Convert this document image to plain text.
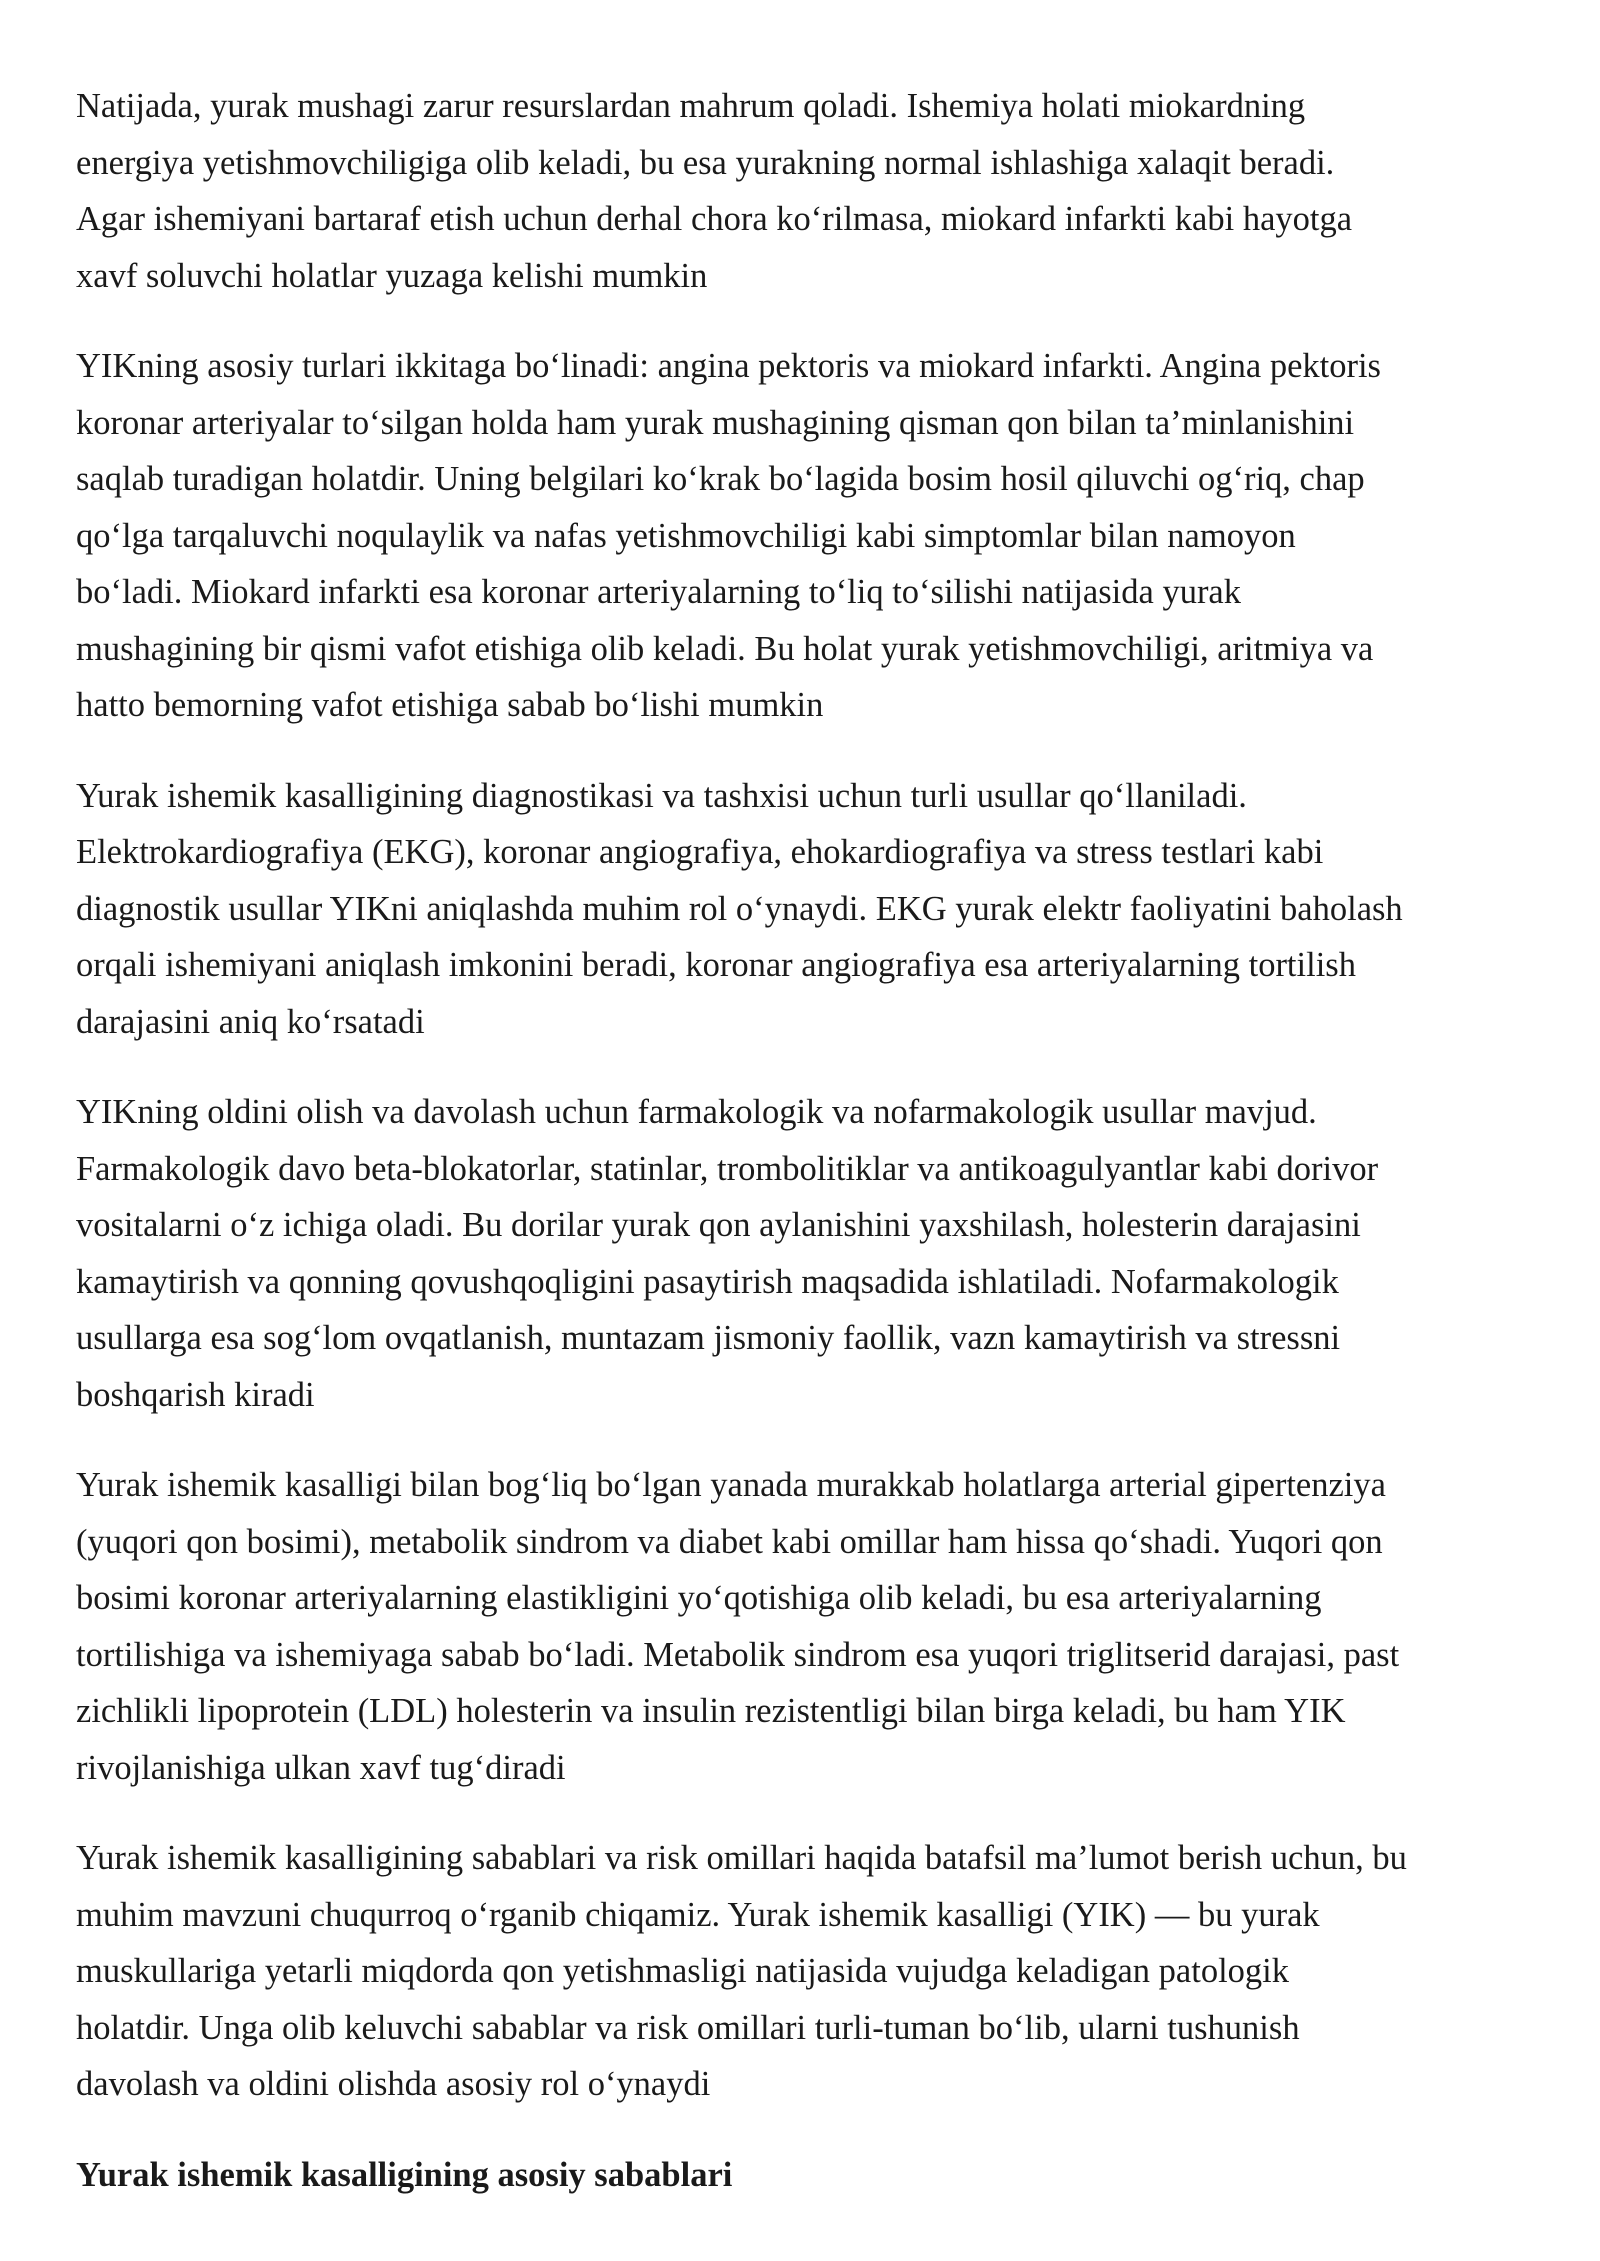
Natijada, yurak mushagi zarur resurslardan mahrum qoladi. Ishemiya holati miokardning
energiya yetishmovchiligiga olib keladi, bu esa yurakning normal ishlashiga xalaqit beradi.
Agar ishemiyani bartaraf etish uchun derhal chora ko‘rilmasa, miokard infarkti kabi hayotga
xavf soluvchi holatlar yuzaga kelishi mumkin

YIKning asosiy turlari ikkitaga bo‘linadi: angina pektoris va miokard infarkti. Angina pektoris
koronar arteriyalar to‘silgan holda ham yurak mushagining qisman qon bilan ta’minlanishini
saqlab turadigan holatdir. Uning belgilari ko‘krak bo‘lagida bosim hosil qiluvchi og‘riq, chap
qo‘lga tarqaluvchi noqulaylik va nafas yetishmovchiligi kabi simptomlar bilan namoyon
bo‘ladi. Miokard infarkti esa koronar arteriyalarning to‘liq to‘silishi natijasida yurak
mushagining bir qismi vafot etishiga olib keladi. Bu holat yurak yetishmovchiligi, aritmiya va
hatto bemorning vafot etishiga sabab bo‘lishi mumkin

Yurak ishemik kasalligining diagnostikasi va tashxisi uchun turli usullar qo‘llaniladi.
Elektrokardiografiya (EKG), koronar angiografiya, ehokardiografiya va stress testlari kabi
diagnostik usullar YIKni aniqlashda muhim rol o‘ynaydi. EKG yurak elektr faoliyatini baholash
orqali ishemiyani aniqlash imkonini beradi, koronar angiografiya esa arteriyalarning tortilish
darajasini aniq ko‘rsatadi

YIKning oldini olish va davolash uchun farmakologik va nofarmakologik usullar mavjud.
Farmakologik davo beta-blokatorlar, statinlar, trombolitiklar va antikoagulyantlar kabi dorivor
vositalarni o‘z ichiga oladi. Bu dorilar yurak qon aylanishini yaxshilash, holesterin darajasini
kamaytirish va qonning qovushqoqligini pasaytirish maqsadida ishlatiladi. Nofarmakologik
usullarga esa sog‘lom ovqatlanish, muntazam jismoniy faollik, vazn kamaytirish va stressni
boshqarish kiradi

Yurak ishemik kasalligi bilan bog‘liq bo‘lgan yanada murakkab holatlarga arterial gipertenziya
(yuqori qon bosimi), metabolik sindrom va diabet kabi omillar ham hissa qo‘shadi. Yuqori qon
bosimi koronar arteriyalarning elastikligini yo‘qotishiga olib keladi, bu esa arteriyalarning
tortilishiga va ishemiyaga sabab bo‘ladi. Metabolik sindrom esa yuqori triglitserid darajasi, past
zichlikli lipoprotein (LDL) holesterin va insulin rezistentligi bilan birga keladi, bu ham YIK
rivojlanishiga ulkan xavf tug‘diradi

Yurak ishemik kasalligining sabablari va risk omillari haqida batafsil ma’lumot berish uchun, bu
muhim mavzuni chuqurroq o‘rganib chiqamiz. Yurak ishemik kasalligi (YIK) — bu yurak
muskullariga yetarli miqdorda qon yetishmasligi natijasida vujudga keladigan patologik
holatdir. Unga olib keluvchi sabablar va risk omillari turli-tuman bo‘lib, ularni tushunish
davolash va oldini olishda asosiy rol o‘ynaydi

Yurak ishemik kasalligining asosiy sabablari
